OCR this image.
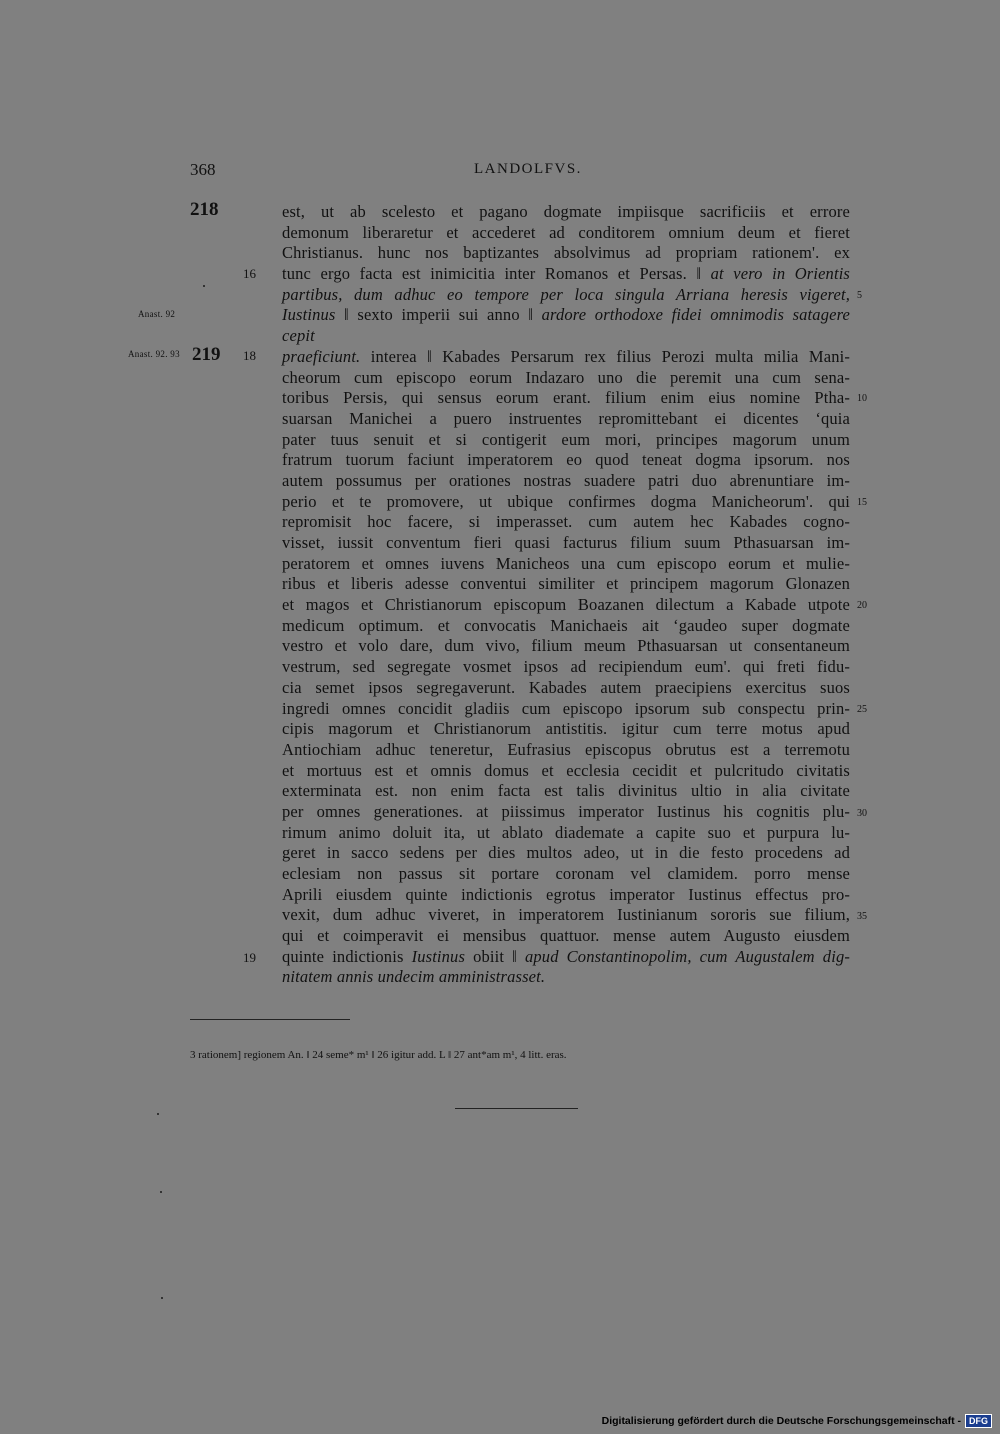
368	LANDOLFVS.
218
Anast. 92
Anast. 92. 93 219
16
18
19
est, ut ab scelesto et pagano dogmate impiisque sacrificiis et errore
demonum liberaretur et accederet ad conditorem omnium deum et fieret
Christianus. hunc nos baptizantes absolvimus ad propriam rationem'. ex
tunc ergo facta est inimicitia inter Romanos et Persas. ‖ at vero in Orientis
partibus, dum adhuc eo tempore per loca singula Arriana heresis vigeret,
Iustinus ‖ sexto imperii sui anno ‖ ardore orthodoxe fidei omnimodis satagere
cepit
praeficiunt. interea ‖ Kabades Persarum rex filius Perozi multa milia Mani-
cheorum cum episcopo eorum Indazaro uno die peremit una cum sena-
toribus Persis, qui sensus eorum erant. filium enim eius nomine Ptha-
suarsan Manichei a puero instruentes repromittebant ei dicentes ‘quia
pater tuus senuit et si contigerit eum mori, principes magorum unum
fratrum tuorum faciunt imperatorem eo quod teneat dogma ipsorum. nos
autem possumus per orationes nostras suadere patri duo abrenuntiare im-
perio et te promovere, ut ubique confirmes dogma Manicheorum'. qui
repromisit hoc facere, si imperasset. cum autem hec Kabades cogno-
visset, iussit conventum fieri quasi facturus filium suum Pthasuarsan im-
peratorem et omnes iuvens Manicheos una cum episcopo eorum et mulie-
ribus et liberis adesse conventui similiter et principem magorum Glonazen
et magos et Christianorum episcopum Boazanen dilectum a Kabade utpote
medicum optimum. et convocatis Manichaeis ait ‘gaudeo super dogmate
vestro et volo dare, dum vivo, filium meum Pthasuarsan ut consentaneum
vestrum, sed segregate vosmet ipsos ad recipiendum eum'. qui freti fidu-
cia semet ipsos segregaverunt. Kabades autem praecipiens exercitus suos
ingredi omnes concidit gladiis cum episcopo ipsorum sub conspectu prin-
cipis magorum et Christianorum antistitis. igitur cum terre motus apud
Antiochiam adhuc teneretur, Eufrasius episcopus obrutus est a terremotu
et mortuus est et omnis domus et ecclesia cecidit et pulcritudo civitatis
exterminata est. non enim facta est talis divinitus ultio in alia civitate
per omnes generationes. at piissimus imperator Iustinus his cognitis plu-
rimum animo doluit ita, ut ablato diademate a capite suo et purpura lu-
geret in sacco sedens per dies multos adeo, ut in die festo procedens ad
eclesiam non passus sit portare coronam vel clamidem. porro mense
Aprili eiusdem quinte indictionis egrotus imperator Iustinus effectus pro-
vexit, dum adhuc viveret, in imperatorem Iustinianum sororis sue filium,
qui et coimperavit ei mensibus quattuor. mense autem Augusto eiusdem
quinte indictionis Iustinus obiit ‖ apud Constantinopolim, cum Augustalem dig-
nitatem annis undecim amministrasset.
5
10
15
20
25
30
35
3 rationem] regionem An. ‖ 24 seme* m¹ ‖ 26 igitur add. L ‖ 27 ant*am m¹, 4 litt. eras.
Digitalisierung gefördert durch die Deutsche Forschungsgemeinschaft - DFG
